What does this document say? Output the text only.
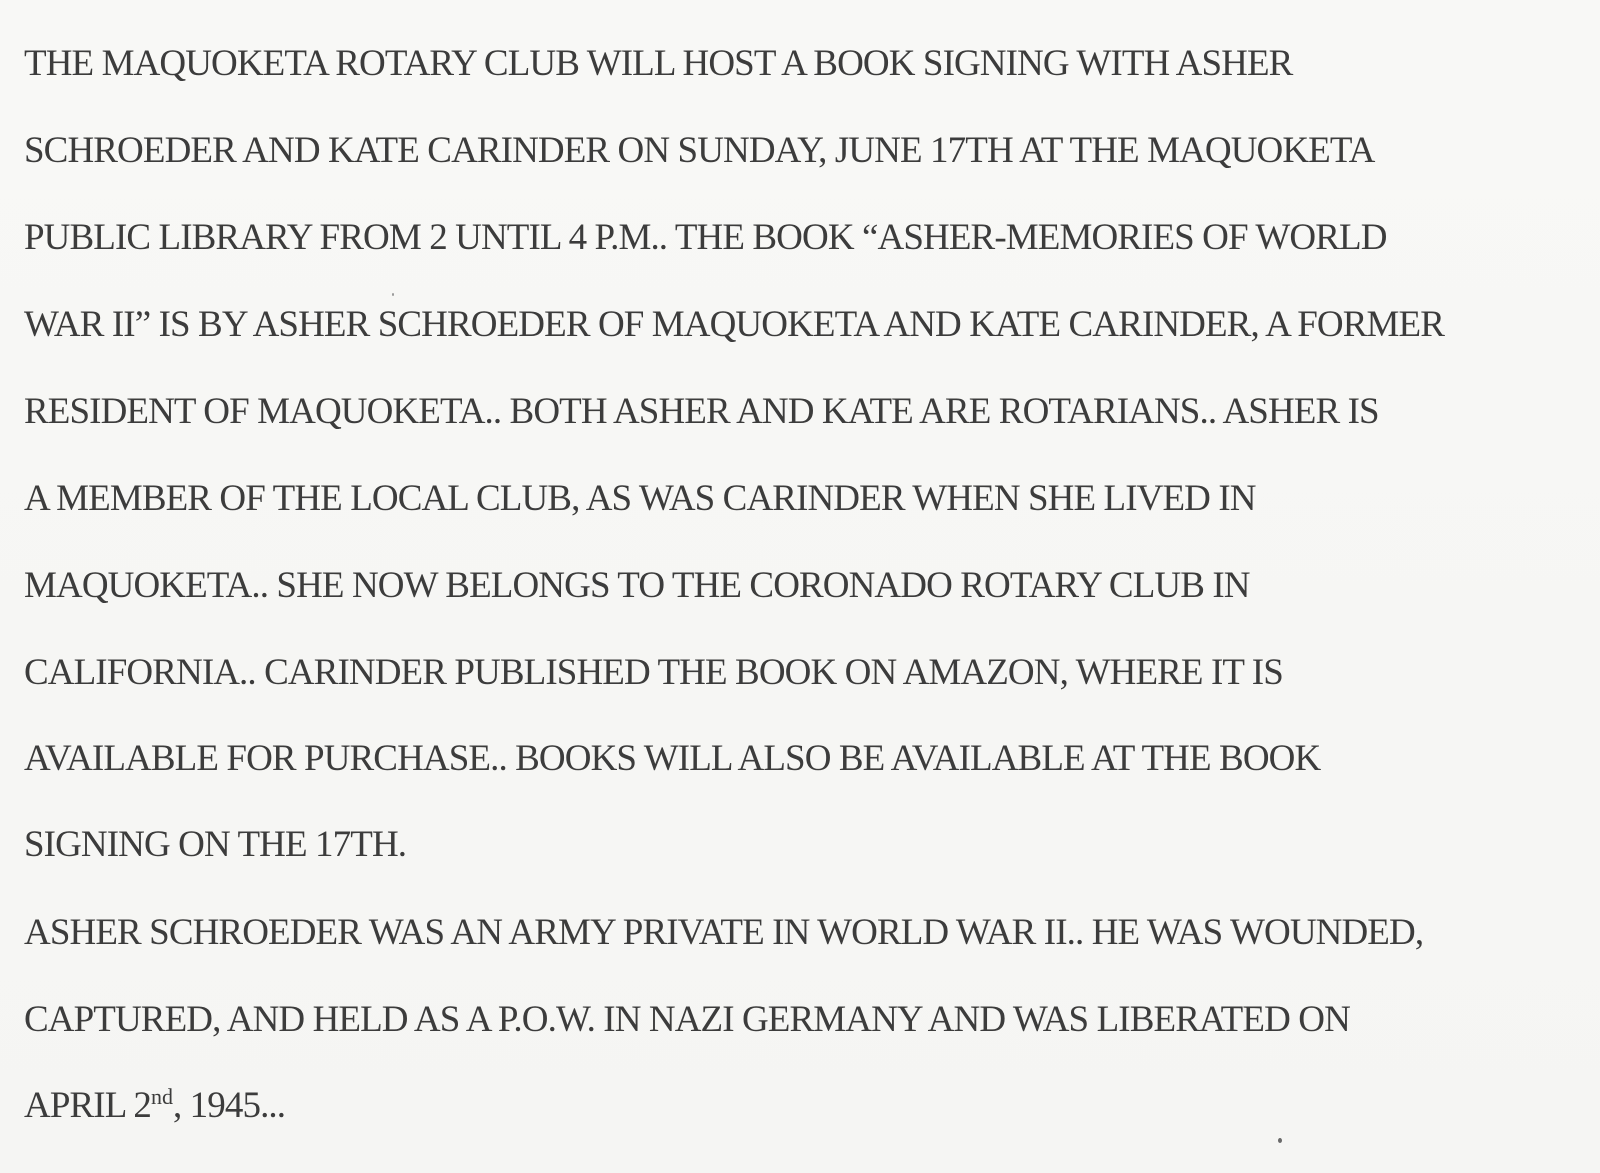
THE MAQUOKETA ROTARY CLUB WILL HOST A BOOK SIGNING WITH ASHER
SCHROEDER AND KATE CARINDER ON SUNDAY, JUNE 17TH AT THE MAQUOKETA
PUBLIC LIBRARY FROM 2 UNTIL 4 P.M.. THE BOOK “ASHER-MEMORIES OF WORLD
WAR II” IS BY ASHER SCHROEDER OF MAQUOKETA AND KATE CARINDER, A FORMER
RESIDENT OF MAQUOKETA.. BOTH ASHER AND KATE ARE ROTARIANS.. ASHER IS
A MEMBER OF THE LOCAL CLUB, AS WAS CARINDER WHEN SHE LIVED IN
MAQUOKETA.. SHE NOW BELONGS TO THE CORONADO ROTARY CLUB IN
CALIFORNIA.. CARINDER PUBLISHED THE BOOK ON AMAZON, WHERE IT IS
AVAILABLE FOR PURCHASE.. BOOKS WILL ALSO BE AVAILABLE AT THE BOOK
SIGNING ON THE 17TH.
ASHER SCHROEDER WAS AN ARMY PRIVATE IN WORLD WAR II.. HE WAS WOUNDED,
CAPTURED, AND HELD AS A P.O.W. IN NAZI GERMANY AND WAS LIBERATED ON
APRIL 2nd, 1945...
